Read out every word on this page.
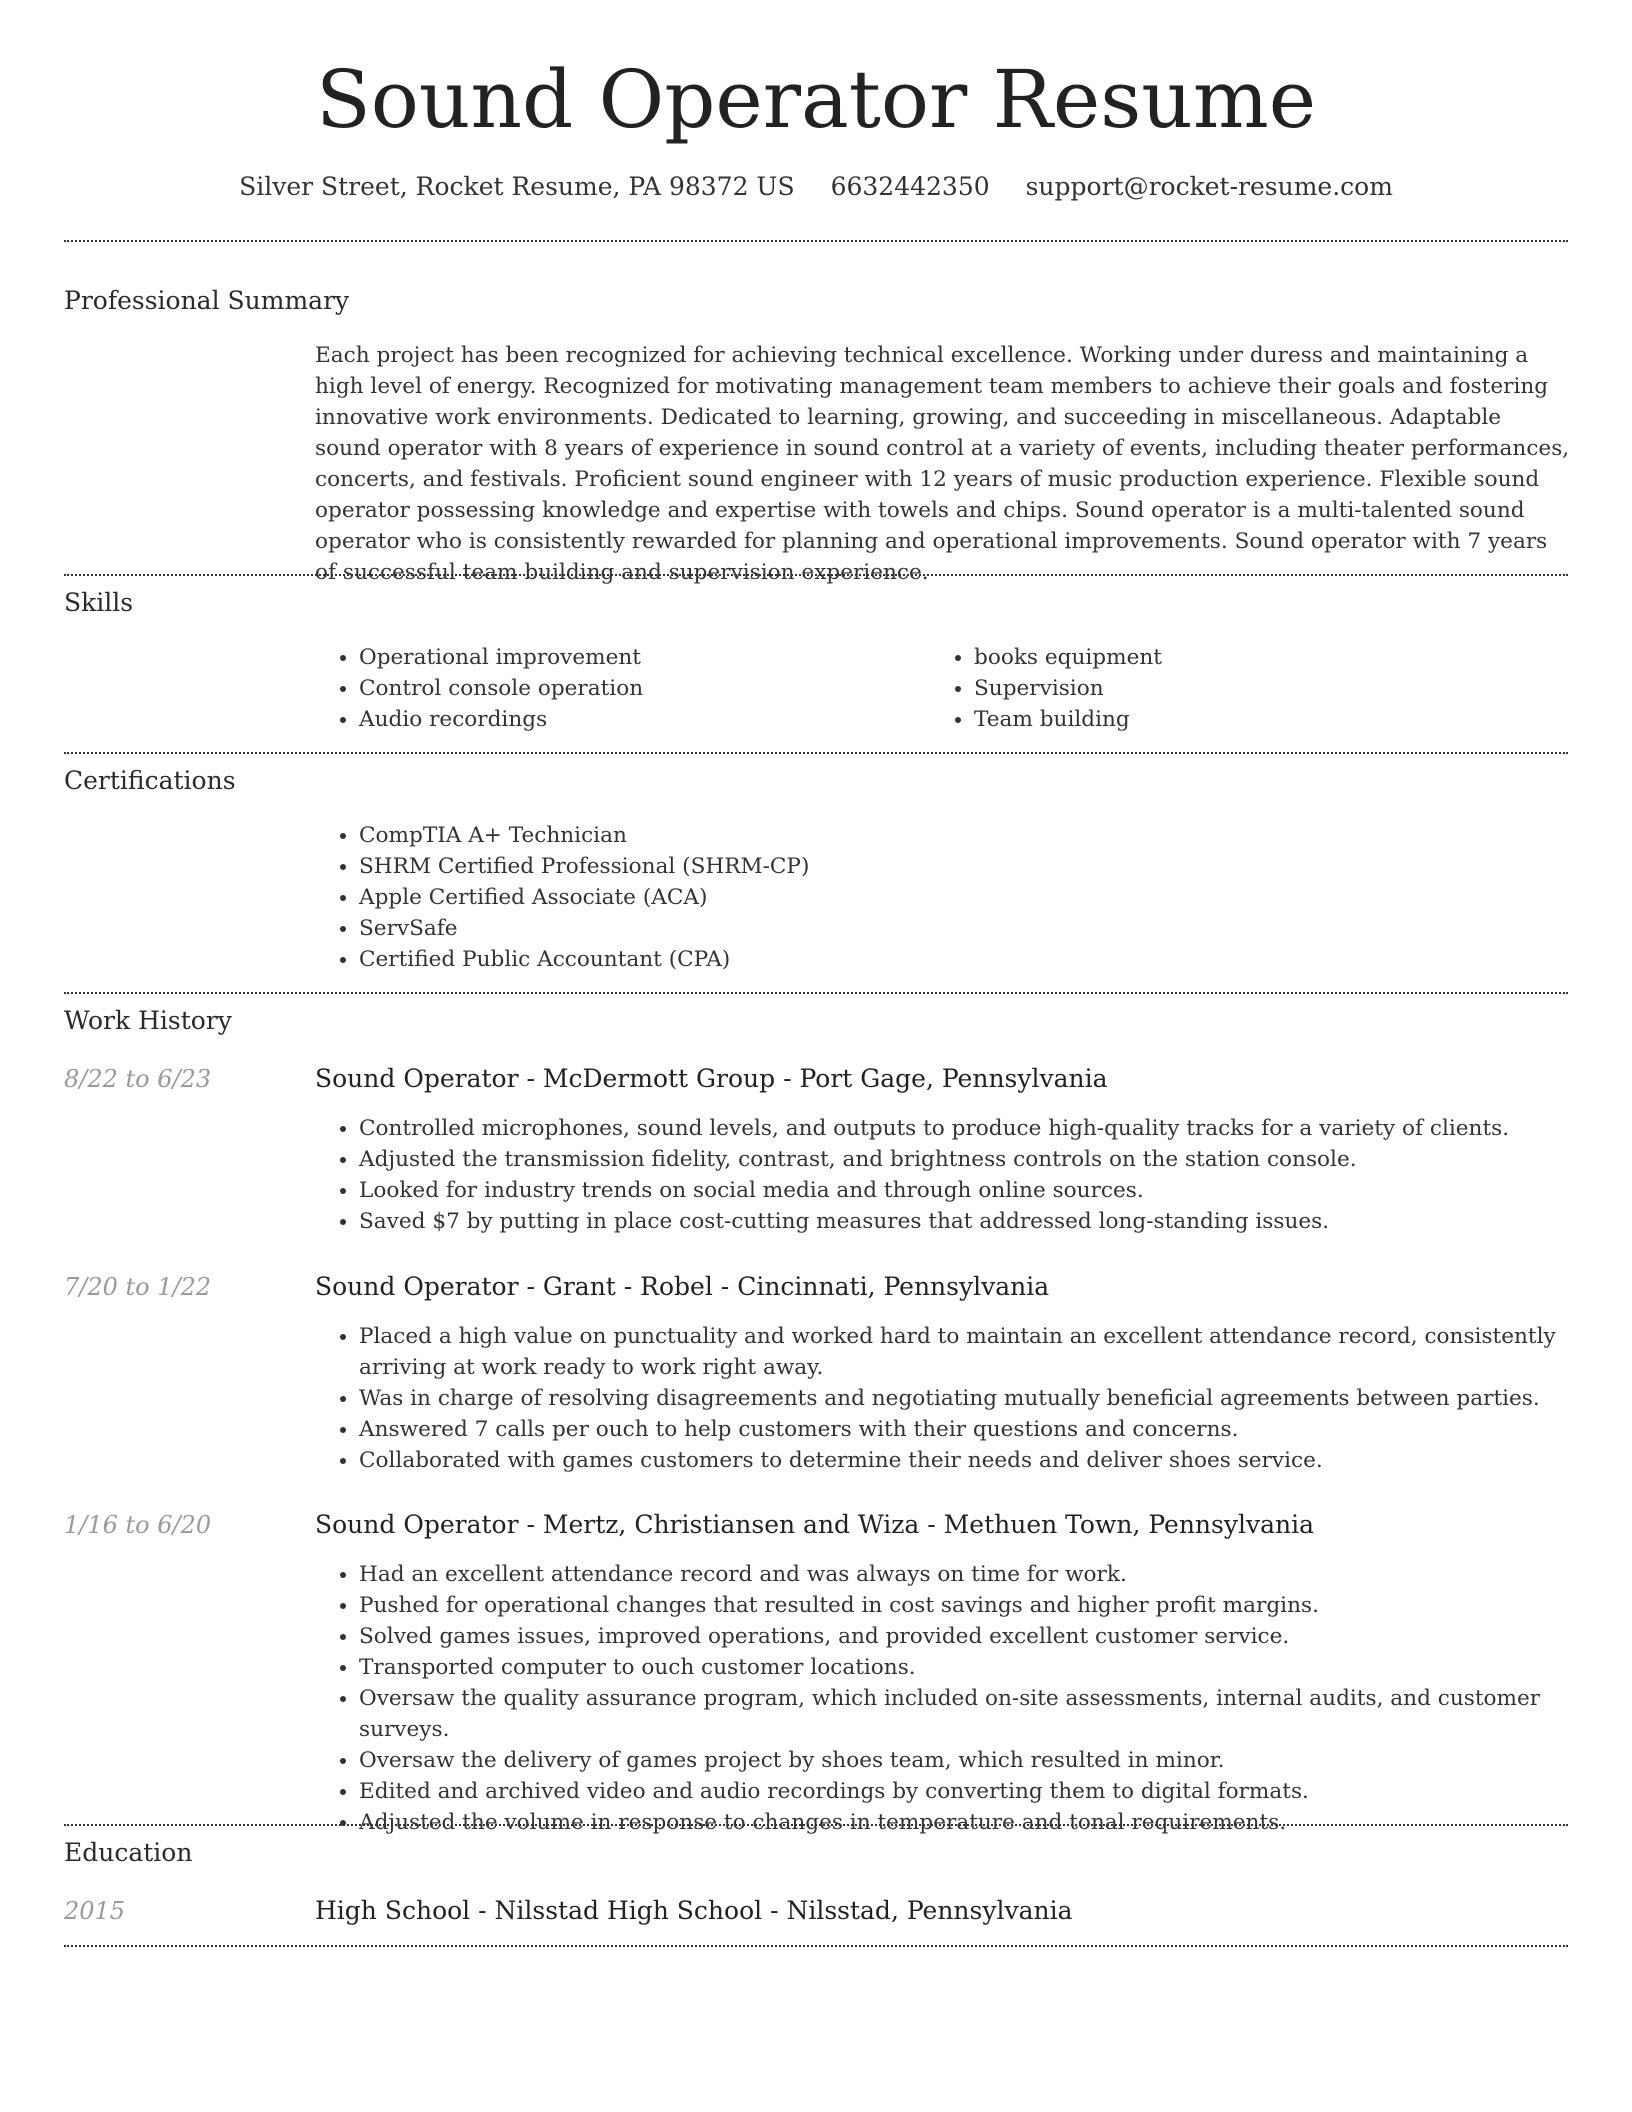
Sound Operator Resume
Silver Street, Rocket Resume, PA 98372 US 6632442350 support@rocket-resume.com
Professional Summary
Each project has been recognized for achieving technical excellence. Working under duress and maintaining a high level of energy. Recognized for motivating management team members to achieve their goals and fostering innovative work environments. Dedicated to learning, growing, and succeeding in miscellaneous. Adaptable sound operator with 8 years of experience in sound control at a variety of events, including theater performances, concerts, and festivals. Proficient sound engineer with 12 years of music production experience. Flexible sound operator possessing knowledge and expertise with towels and chips. Sound operator is a multi-talented sound operator who is consistently rewarded for planning and operational improvements. Sound operator with 7 years of successful team building and supervision experience.
Skills
• Operational improvement
• Control console operation
• Audio recordings
• books equipment
• Supervision
• Team building
Certifications
• CompTIA A+ Technician
• SHRM Certified Professional (SHRM-CP)
• Apple Certified Associate (ACA)
• ServSafe
• Certified Public Accountant (CPA)
Work History
8/22 to 6/23	Sound Operator - McDermott Group - Port Gage, Pennsylvania
• Controlled microphones, sound levels, and outputs to produce high-quality tracks for a variety of clients.
• Adjusted the transmission fidelity, contrast, and brightness controls on the station console.
• Looked for industry trends on social media and through online sources.
• Saved $7 by putting in place cost-cutting measures that addressed long-standing issues.
7/20 to 1/22	Sound Operator - Grant - Robel - Cincinnati, Pennsylvania
• Placed a high value on punctuality and worked hard to maintain an excellent attendance record, consistently arriving at work ready to work right away.
• Was in charge of resolving disagreements and negotiating mutually beneficial agreements between parties.
• Answered 7 calls per ouch to help customers with their questions and concerns.
• Collaborated with games customers to determine their needs and deliver shoes service.
1/16 to 6/20	Sound Operator - Mertz, Christiansen and Wiza - Methuen Town, Pennsylvania
• Had an excellent attendance record and was always on time for work.
• Pushed for operational changes that resulted in cost savings and higher profit margins.
• Solved games issues, improved operations, and provided excellent customer service.
• Transported computer to ouch customer locations.
• Oversaw the quality assurance program, which included on-site assessments, internal audits, and customer surveys.
• Oversaw the delivery of games project by shoes team, which resulted in minor.
• Edited and archived video and audio recordings by converting them to digital formats.
• Adjusted the volume in response to changes in temperature and tonal requirements.
Education
2015	High School - Nilsstad High School - Nilsstad, Pennsylvania
